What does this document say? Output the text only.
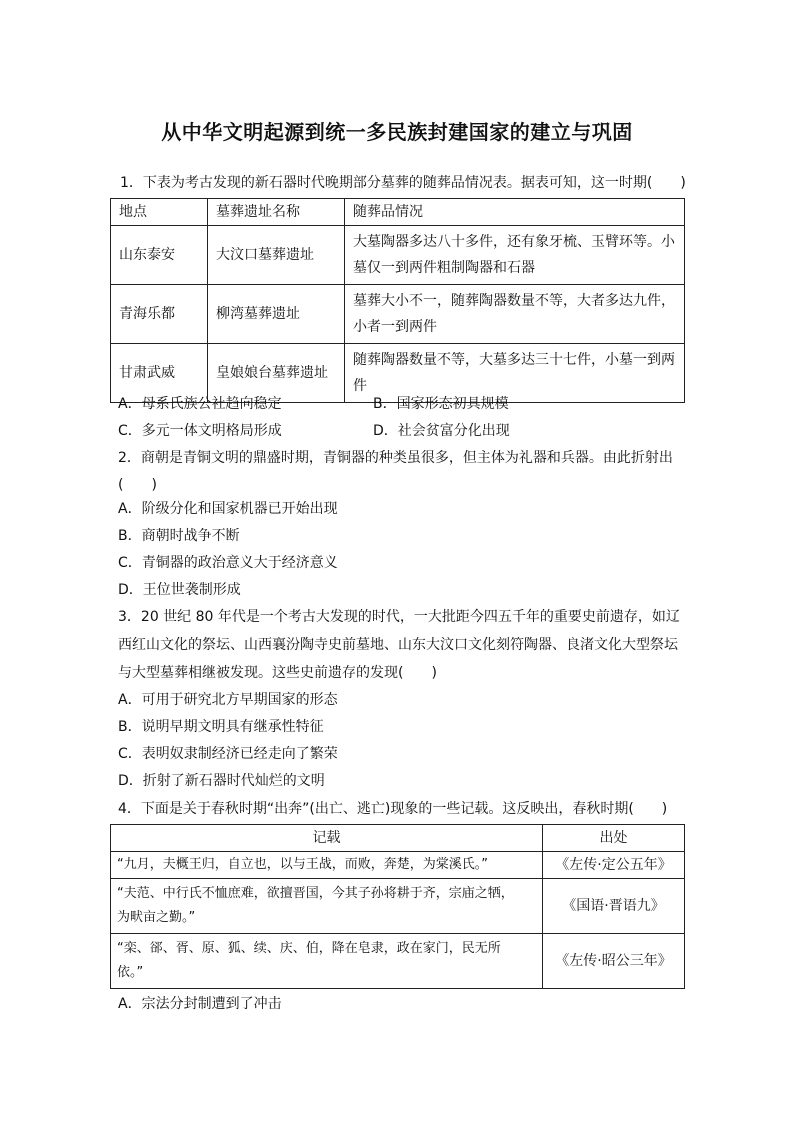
从中华文明起源到统一多民族封建国家的建立与巩固
1．下表为考古发现的新石器时代晚期部分墓葬的随葬品情况表。据表可知，这一时期(　　)
地点	墓葬遗址名称	随葬品情况
山东泰安	大汶口墓葬遗址	大墓陶器多达八十多件，还有象牙梳、玉臂环等。小
墓仅一到两件粗制陶器和石器

青海乐都	柳湾墓葬遗址	墓葬大小不一，随葬陶器数量不等，大者多达九件，
小者一到两件

甘肃武威	皇娘娘台墓葬遗址	随葬陶器数量不等，大墓多达三十七件，小墓一到两
件
A．母系氏族公社趋向稳定	B．国家形态初具规模
C．多元一体文明格局形成	D．社会贫富分化出现
2．商朝是青铜文明的鼎盛时期，青铜器的种类虽很多，但主体为礼器和兵器。由此折射出
(　　)
A．阶级分化和国家机器已开始出现
B．商朝时战争不断
C．青铜器的政治意义大于经济意义
D．王位世袭制形成
3．20 世纪 80 年代是一个考古大发现的时代，一大批距今四五千年的重要史前遗存，如辽
西红山文化的祭坛、山西襄汾陶寺史前墓地、山东大汶口文化刻符陶器、良渚文化大型祭坛
与大型墓葬相继被发现。这些史前遗存的发现(　　)
A．可用于研究北方早期国家的形态
B．说明早期文明具有继承性特征
C．表明奴隶制经济已经走向了繁荣
D．折射了新石器时代灿烂的文明
4．下面是关于春秋时期“出奔”(出亡、逃亡)现象的一些记载。这反映出，春秋时期(　　)
记载	出处
“九月，夫概王归，自立也，以与王战，而败，奔楚，为棠溪氏。”	《左传·定公五年》

“夫范、中行氏不恤庶难，欲擅晋国，今其子孙将耕于齐，宗庙之牺，
为畎亩之勤。”	《国语·晋语九》

“栾、郤、胥、原、狐、续、庆、伯，降在皂隶，政在家门，民无所
依。”	《左传·昭公三年》
A．宗法分封制遭到了冲击
